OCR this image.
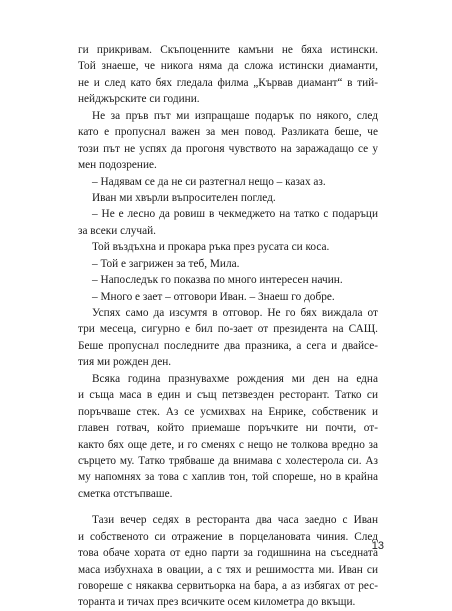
ги прикривам. Скъпоценните камъни не бяха истински.
Той знаеше, че никога няма да сложа истински диаманти,
не и след като бях гледала филма „Кървав диамант“ в тий-
нейджърските си години.
Не за пръв път ми изпращаше подарък по някого, след
като е пропуснал важен за мен повод. Разликата беше, че
този път не успях да прогоня чувството на заражадащо се у
мен подозрение.
– Надявам се да не си разтегнал нещо – казах аз.
Иван ми хвърли въпросителен поглед.
– Не е лесно да ровиш в чекмеджето на татко с подаръци
за всеки случай.
Той въздъхна и прокара ръка през русата си коса.
– Той е загрижен за теб, Мила.
– Напоследък го показва по много интересен начин.
– Много е зает – отговори Иван. – Знаеш го добре.
Успях само да изсумтя в отговор. Не го бях виждала от
три месеца, сигурно е бил по-зает от президента на САЩ.
Беше пропуснал последните два празника, а сега и двайсе-
тия ми рожден ден.
Всяка година празнувахме рождения ми ден на една
и съща маса в един и същ петзвезден ресторант. Татко си
поръчваше стек. Аз се усмихвах на Енрике, собственик и
главен готвач, който приемаше поръчките ни почти, от-
както бях още дете, и го сменях с нещо не толкова вредно за
сърцето му. Татко трябваше да внимава с холестерола си. Аз
му напомнях за това с хаплив тон, той спореше, но в крайна
сметка отстъпваше.
Тази вечер седях в ресторанта два часа заедно с Иван
и собственото си отражение в порцелановата чиния. След
това обаче хората от едно парти за годишнина на съседната
маса избухнаха в овации, а с тях и решимостта ми. Иван си
говореше с някаква сервитьорка на бара, а аз избягах от рес-
торанта и тичах през всичките осем километра до вкъщи.
13
